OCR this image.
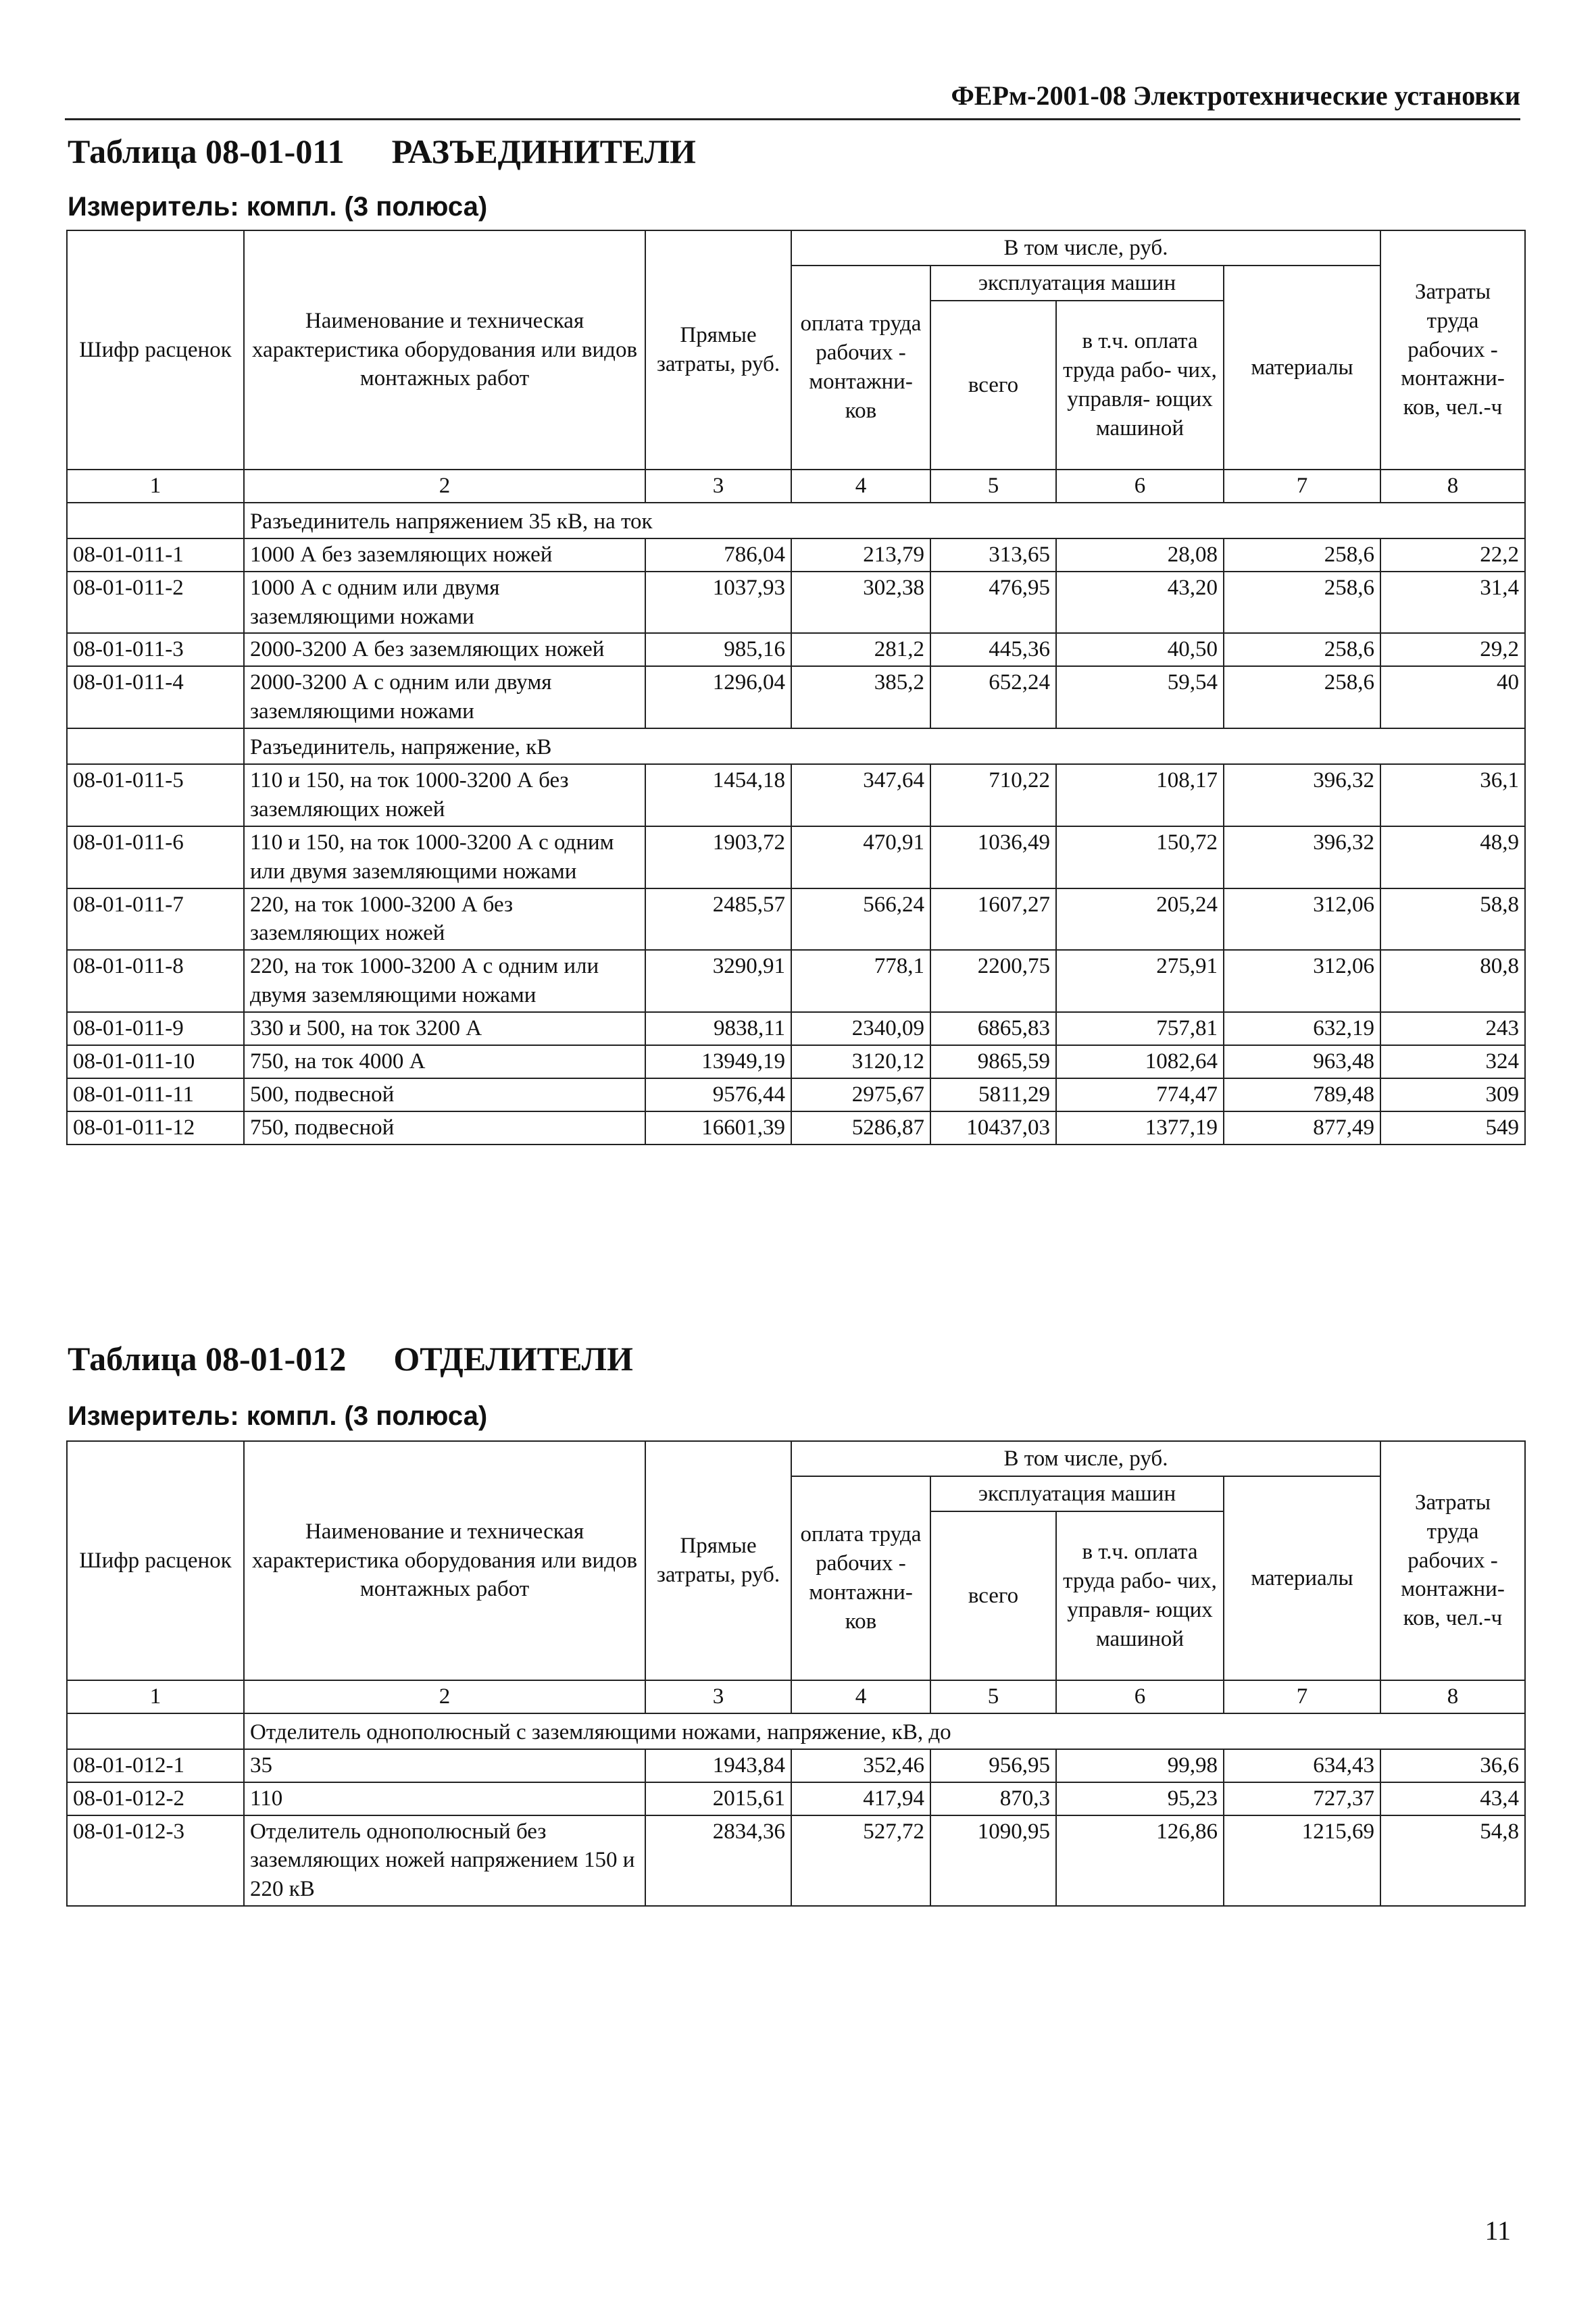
ФЕРм-2001-08 Электротехнические установки
Таблица 08-01-011 РАЗЪЕДИНИТЕЛИ
Измеритель: компл. (3 полюса)
Шифр расценок	Наименование и техническая характеристика оборудования или видов монтажных работ	Прямые затраты, руб.	В том числе, руб.				Затраты труда рабочих - монтажни- ков, чел.-ч
			оплата труда рабочих - монтажни- ков	эксплуатация машин		материалы	
				всего	в т.ч. оплата труда рабо- чих, управля- ющих машиной		
1	2	3	4	5	6	7	8
	Разъединитель напряжением 35 кВ, на ток						
08-01-011-1	1000 А без заземляющих ножей	786,04	213,79	313,65	28,08	258,6	22,2
08-01-011-2	1000 А с одним или двумя заземляющими ножами	1037,93	302,38	476,95	43,20	258,6	31,4
08-01-011-3	2000-3200 А без заземляющих ножей	985,16	281,2	445,36	40,50	258,6	29,2
08-01-011-4	2000-3200 А с одним или двумя заземляющими ножами	1296,04	385,2	652,24	59,54	258,6	40
	Разъединитель, напряжение, кВ						
08-01-011-5	110 и 150, на ток 1000-3200 А без заземляющих ножей	1454,18	347,64	710,22	108,17	396,32	36,1
08-01-011-6	110 и 150, на ток 1000-3200 А с одним или двумя заземляющими ножами	1903,72	470,91	1036,49	150,72	396,32	48,9
08-01-011-7	220, на ток 1000-3200 А без заземляющих ножей	2485,57	566,24	1607,27	205,24	312,06	58,8
08-01-011-8	220, на ток 1000-3200 А с одним или двумя заземляющими ножами	3290,91	778,1	2200,75	275,91	312,06	80,8
08-01-011-9	330 и 500, на ток 3200 А	9838,11	2340,09	6865,83	757,81	632,19	243
08-01-011-10	750, на ток 4000 А	13949,19	3120,12	9865,59	1082,64	963,48	324
08-01-011-11	500, подвесной	9576,44	2975,67	5811,29	774,47	789,48	309
08-01-011-12	750, подвесной	16601,39	5286,87	10437,03	1377,19	877,49	549
Таблица 08-01-012 ОТДЕЛИТЕЛИ
Измеритель: компл. (3 полюса)
Шифр расценок	Наименование и техническая характеристика оборудования или видов монтажных работ	Прямые затраты, руб.	В том числе, руб.				Затраты труда рабочих - монтажни- ков, чел.-ч
			оплата труда рабочих - монтажни- ков	эксплуатация машин		материалы	
				всего	в т.ч. оплата труда рабо- чих, управля- ющих машиной		
1	2	3	4	5	6	7	8
	Отделитель однополюсный с заземляющими ножами, напряжение, кВ, до						
08-01-012-1	35	1943,84	352,46	956,95	99,98	634,43	36,6
08-01-012-2	110	2015,61	417,94	870,3	95,23	727,37	43,4
08-01-012-3	Отделитель однополюсный без заземляющих ножей напряжением 150 и 220 кВ	2834,36	527,72	1090,95	126,86	1215,69	54,8
11
